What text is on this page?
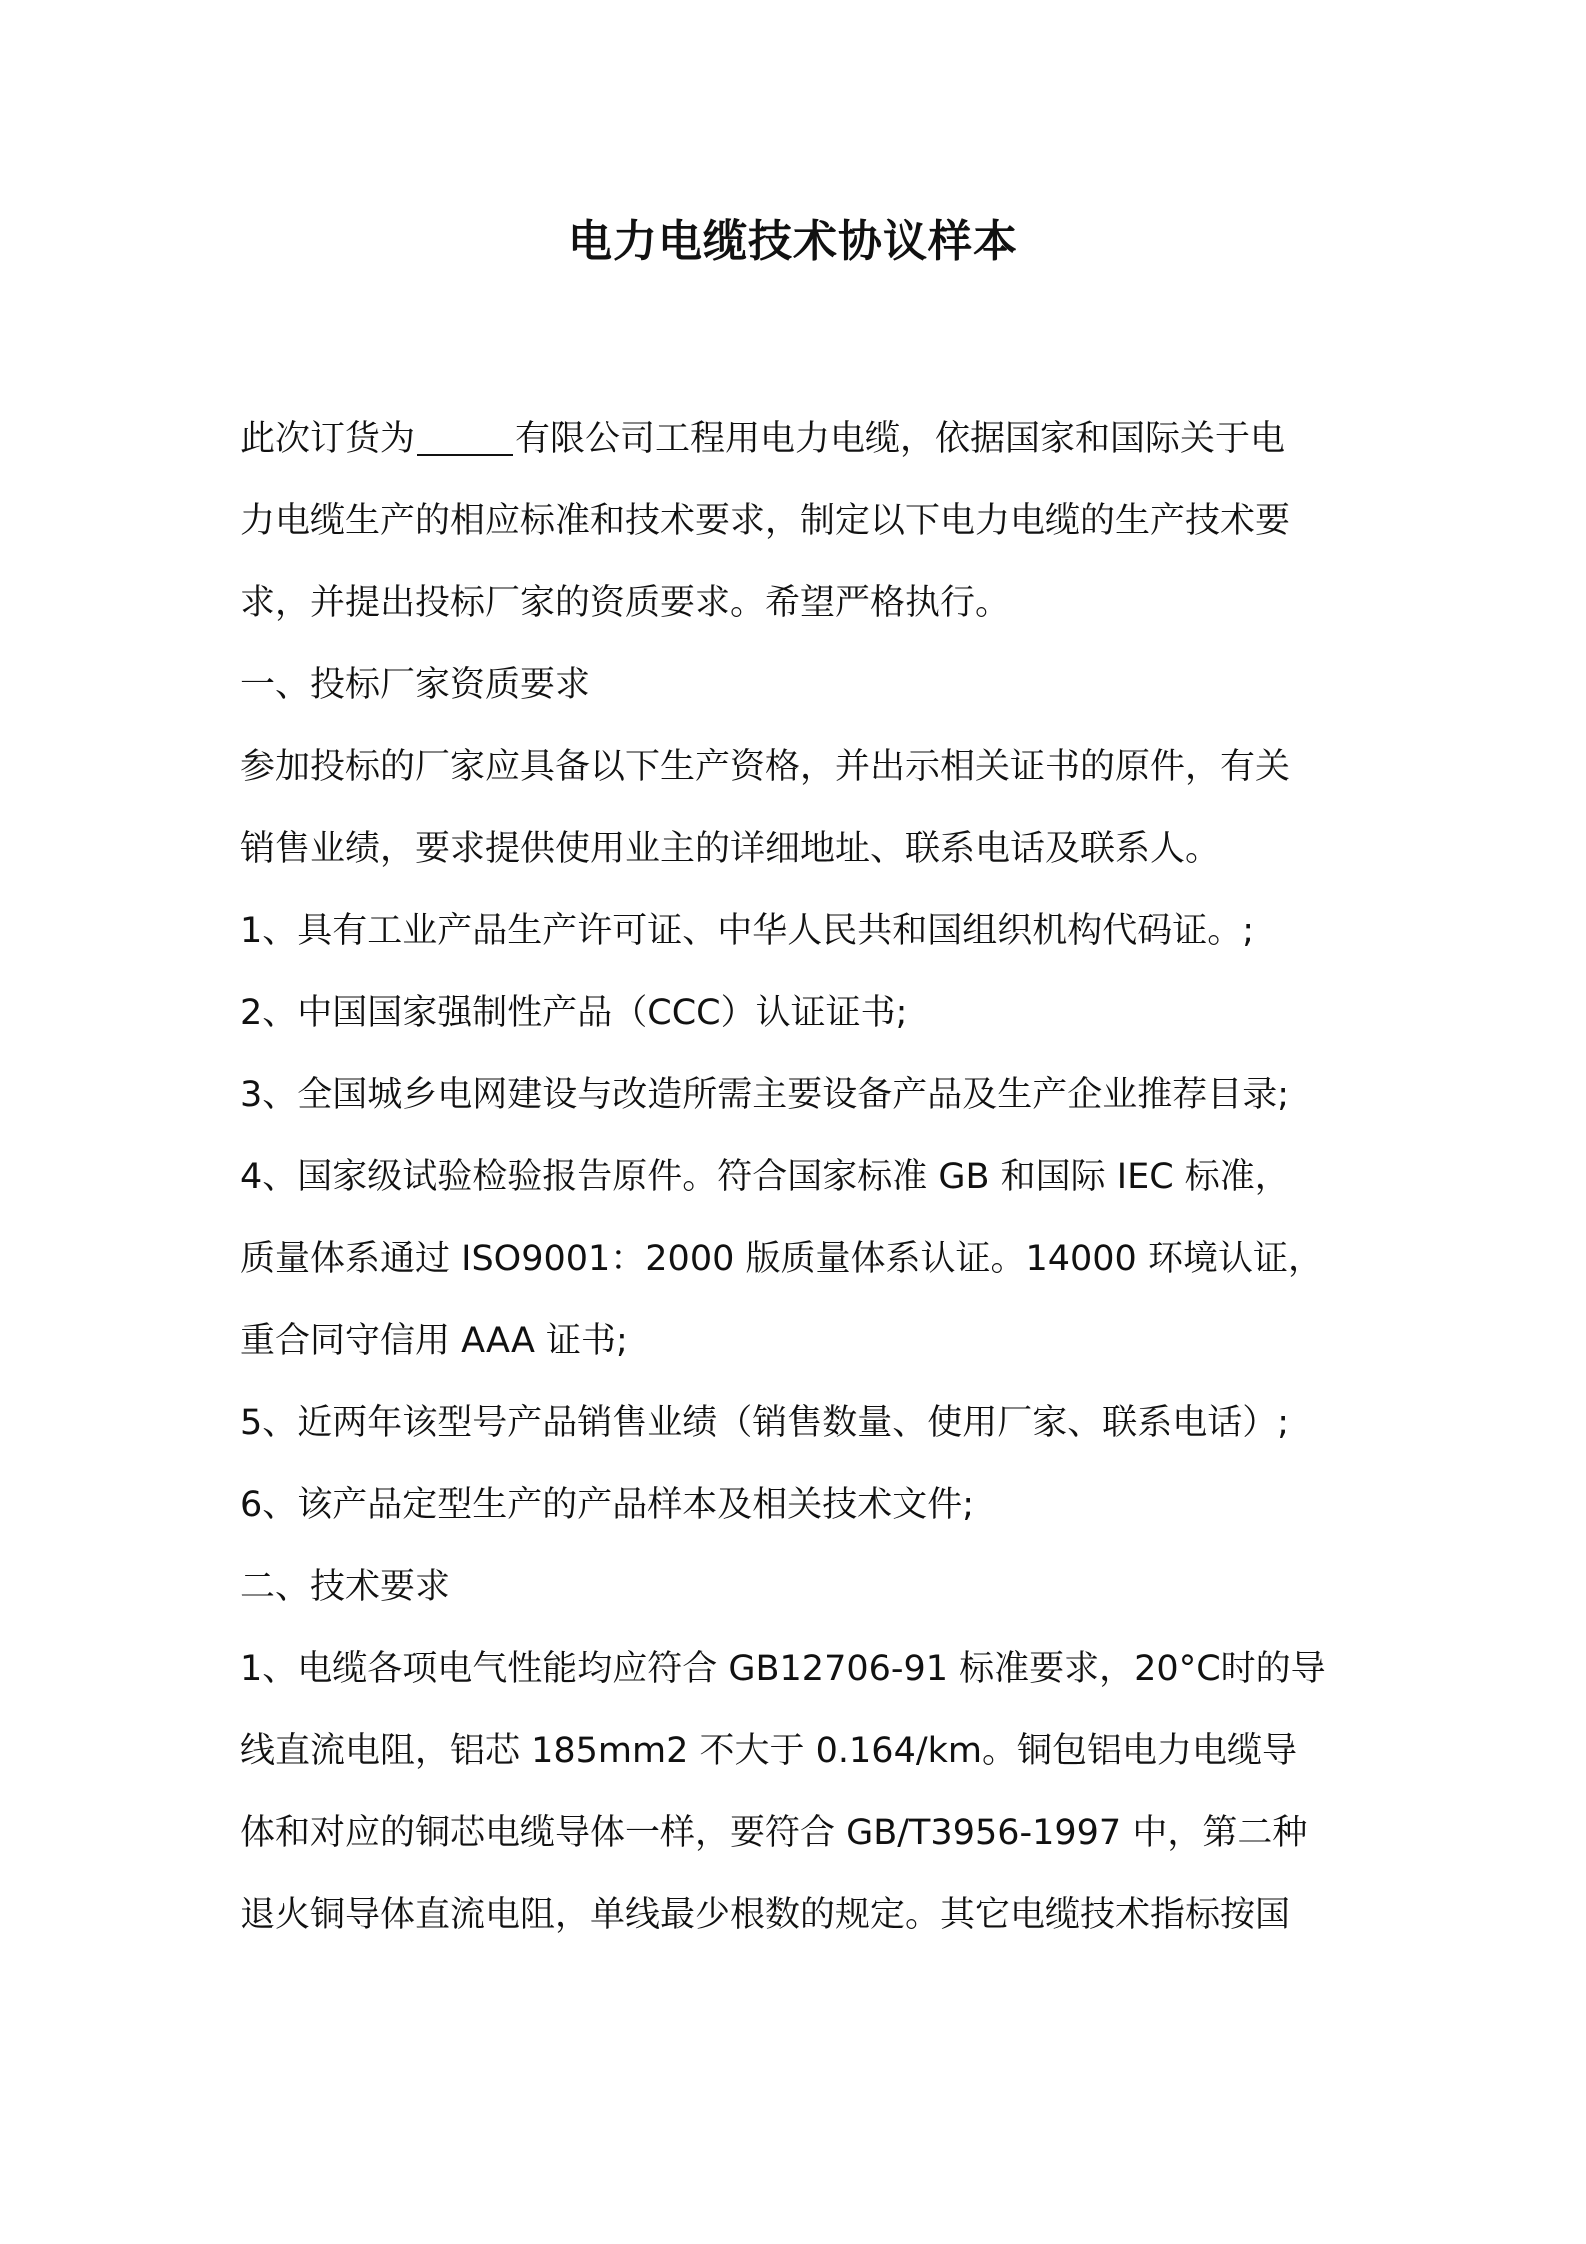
电力电缆技术协议样本
此次订货为	有限公司工程用电力电缆，依据国家和国际关于电
力电缆生产的相应标准和技术要求，制定以下电力电缆的生产技术要
求，并提出投标厂家的资质要求。希望严格执行。
一、投标厂家资质要求
参加投标的厂家应具备以下生产资格，并出示相关证书的原件，有关
销售业绩，要求提供使用业主的详细地址、联系电话及联系人。
1、具有工业产品生产许可证、中华人民共和国组织机构代码证。;
2、中国国家强制性产品（CCC）认证证书;
3、全国城乡电网建设与改造所需主要设备产品及生产企业推荐目录;
4、国家级试验检验报告原件。符合国家标准 GB 和国际 IEC 标准，
质量体系通过 ISO9001：2000 版质量体系认证。14000 环境认证，
重合同守信用 AAA 证书;
5、近两年该型号产品销售业绩（销售数量、使用厂家、联系电话）;
6、该产品定型生产的产品样本及相关技术文件;
二、技术要求
1、电缆各项电气性能均应符合 GB12706-91 标准要求，20°C时的导
线直流电阻，铝芯 185mm2 不大于 0.164/km。铜包铝电力电缆导
体和对应的铜芯电缆导体一样，要符合 GB/T3956-1997 中，第二种
退火铜导体直流电阻，单线最少根数的规定。其它电缆技术指标按国
